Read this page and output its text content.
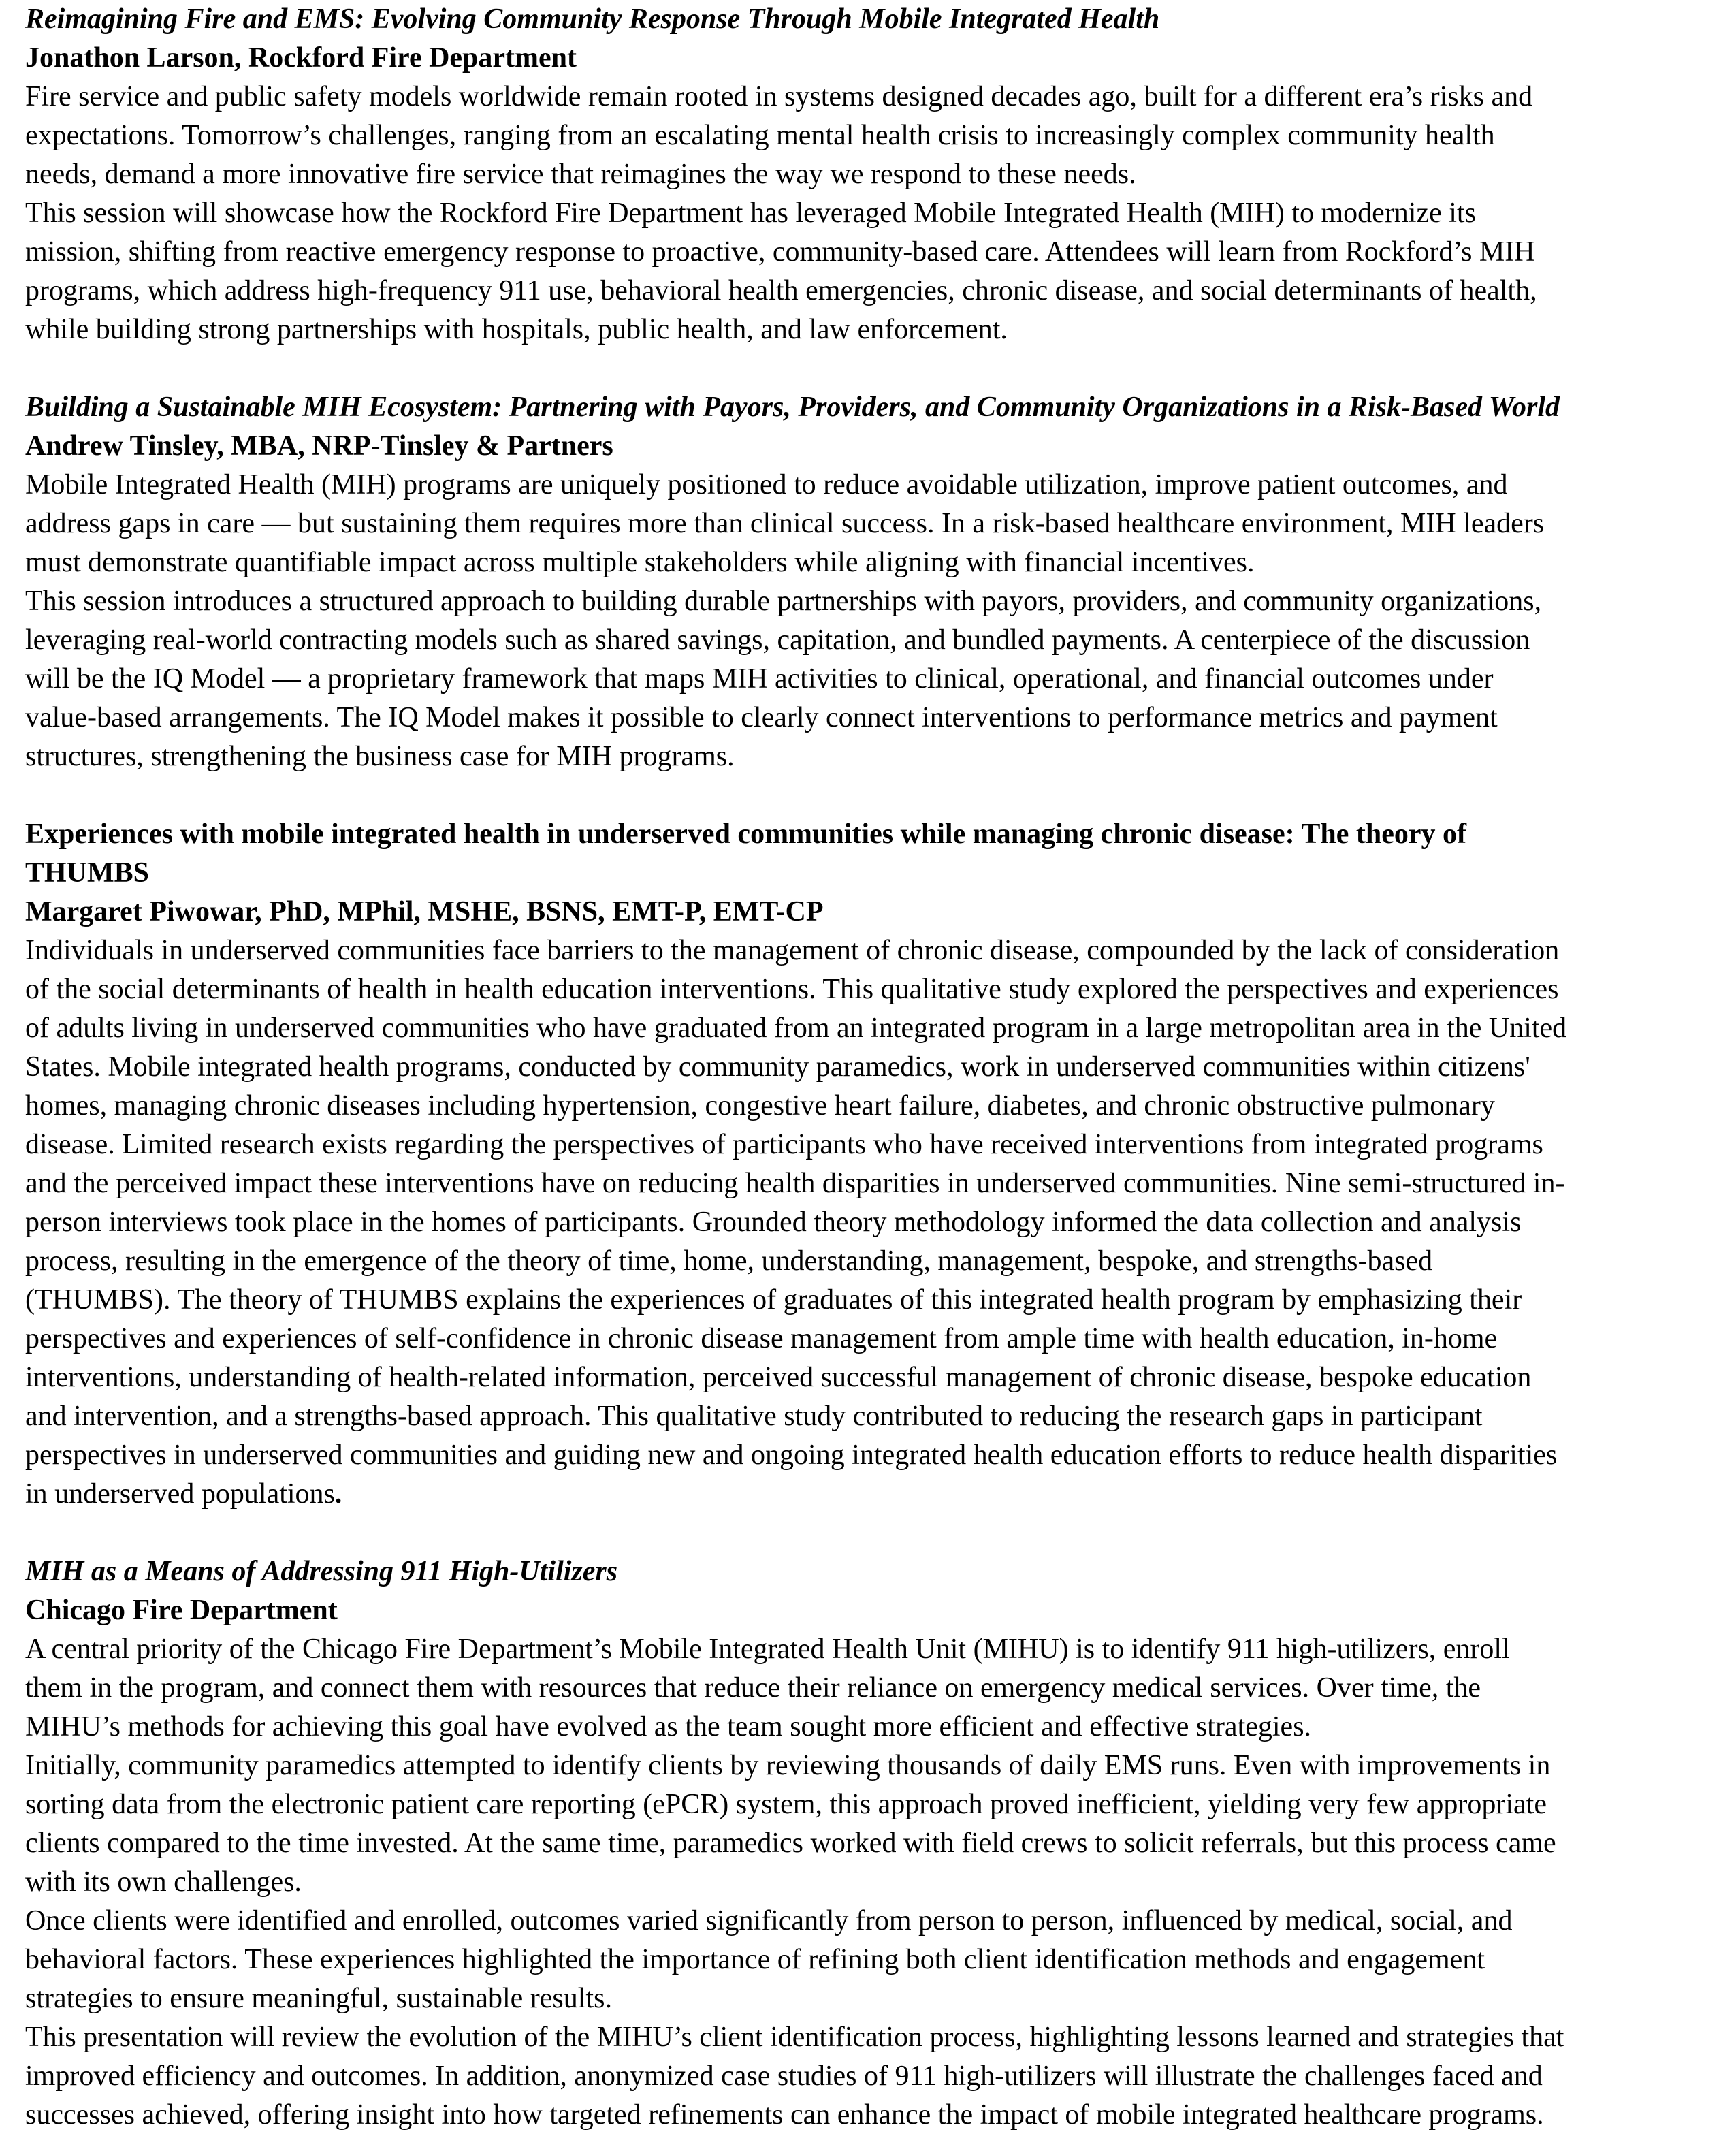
Reimagining Fire and EMS: Evolving Community Response Through Mobile Integrated Health
Jonathon Larson, Rockford Fire Department
Fire service and public safety models worldwide remain rooted in systems designed decades ago, built for a different era’s risks and
expectations. Tomorrow’s challenges, ranging from an escalating mental health crisis to increasingly complex community health
needs, demand a more innovative fire service that reimagines the way we respond to these needs.
This session will showcase how the Rockford Fire Department has leveraged Mobile Integrated Health (MIH) to modernize its
mission, shifting from reactive emergency response to proactive, community-based care. Attendees will learn from Rockford’s MIH
programs, which address high-frequency 911 use, behavioral health emergencies, chronic disease, and social determinants of health,
while building strong partnerships with hospitals, public health, and law enforcement.
Building a Sustainable MIH Ecosystem: Partnering with Payors, Providers, and Community Organizations in a Risk-Based World
Andrew Tinsley, MBA, NRP-Tinsley & Partners
Mobile Integrated Health (MIH) programs are uniquely positioned to reduce avoidable utilization, improve patient outcomes, and
address gaps in care — but sustaining them requires more than clinical success. In a risk-based healthcare environment, MIH leaders
must demonstrate quantifiable impact across multiple stakeholders while aligning with financial incentives.
This session introduces a structured approach to building durable partnerships with payors, providers, and community organizations,
leveraging real-world contracting models such as shared savings, capitation, and bundled payments. A centerpiece of the discussion
will be the IQ Model — a proprietary framework that maps MIH activities to clinical, operational, and financial outcomes under
value-based arrangements. The IQ Model makes it possible to clearly connect interventions to performance metrics and payment
structures, strengthening the business case for MIH programs.
Experiences with mobile integrated health in underserved communities while managing chronic disease: The theory of
THUMBS
Margaret Piwowar, PhD, MPhil, MSHE, BSNS, EMT-P, EMT-CP
Individuals in underserved communities face barriers to the management of chronic disease, compounded by the lack of consideration
of the social determinants of health in health education interventions. This qualitative study explored the perspectives and experiences
of adults living in underserved communities who have graduated from an integrated program in a large metropolitan area in the United
States. Mobile integrated health programs, conducted by community paramedics, work in underserved communities within citizens'
homes, managing chronic diseases including hypertension, congestive heart failure, diabetes, and chronic obstructive pulmonary
disease. Limited research exists regarding the perspectives of participants who have received interventions from integrated programs
and the perceived impact these interventions have on reducing health disparities in underserved communities. Nine semi-structured in-
person interviews took place in the homes of participants. Grounded theory methodology informed the data collection and analysis
process, resulting in the emergence of the theory of time, home, understanding, management, bespoke, and strengths-based
(THUMBS). The theory of THUMBS explains the experiences of graduates of this integrated health program by emphasizing their
perspectives and experiences of self-confidence in chronic disease management from ample time with health education, in-home
interventions, understanding of health-related information, perceived successful management of chronic disease, bespoke education
and intervention, and a strengths-based approach. This qualitative study contributed to reducing the research gaps in participant
perspectives in underserved communities and guiding new and ongoing integrated health education efforts to reduce health disparities
in underserved populations.
MIH as a Means of Addressing 911 High-Utilizers
Chicago Fire Department
A central priority of the Chicago Fire Department’s Mobile Integrated Health Unit (MIHU) is to identify 911 high-utilizers, enroll
them in the program, and connect them with resources that reduce their reliance on emergency medical services. Over time, the
MIHU’s methods for achieving this goal have evolved as the team sought more efficient and effective strategies.
Initially, community paramedics attempted to identify clients by reviewing thousands of daily EMS runs. Even with improvements in
sorting data from the electronic patient care reporting (ePCR) system, this approach proved inefficient, yielding very few appropriate
clients compared to the time invested. At the same time, paramedics worked with field crews to solicit referrals, but this process came
with its own challenges.
Once clients were identified and enrolled, outcomes varied significantly from person to person, influenced by medical, social, and
behavioral factors. These experiences highlighted the importance of refining both client identification methods and engagement
strategies to ensure meaningful, sustainable results.
This presentation will review the evolution of the MIHU’s client identification process, highlighting lessons learned and strategies that
improved efficiency and outcomes. In addition, anonymized case studies of 911 high-utilizers will illustrate the challenges faced and
successes achieved, offering insight into how targeted refinements can enhance the impact of mobile integrated healthcare programs.
